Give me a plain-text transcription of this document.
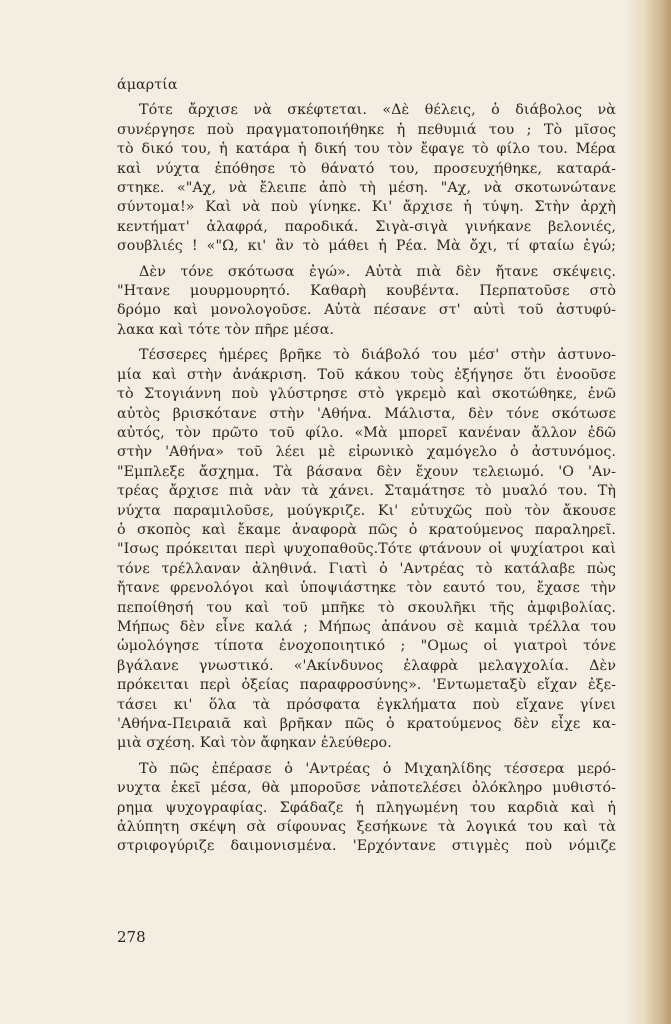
άμαρτία

Τότε ἄρχισε νὰ σκέφτεται. «Δὲ θέλεις, ὁ διάβολος νὰ
συνέργησε ποὺ πραγματοποιήθηκε ἡ πεθυμιά του ; Τὸ μῖσος
τὸ δικό του, ἡ κατάρα ἡ δική του τὸν ἔφαγε τὸ φίλο του. Μέρα
καὶ νύχτα ἐπόθησε τὸ θάνατό του, προσευχήθηκε, καταρά-
στηκε. «"Αχ, νὰ ἔλειπε ἀπὸ τὴ μέση. "Αχ, νὰ σκοτωνώτανε
σύντομα!» Καὶ νὰ ποὺ γίνηκε. Κι' ἄρχισε ἡ τύψη. Στὴν ἀρχὴ
κεντήματ' ἀλαφρά, παροδικά. Σιγὰ-σιγὰ γινήκανε βελονιές,
σουβλιές ! «"Ω, κι' ἂν τὸ μάθει ἡ Ρέα. Μὰ ὄχι, τί φταίω ἐγώ;

Δὲν τόνε σκότωσα ἐγώ». Αὐτὰ πιὰ δὲν ἤτανε σκέψεις.
"Ητανε μουρμουρητό. Καθαρὴ κουβέντα. Περπατοῦσε στὸ
δρόμο καὶ μονολογοῦσε. Αὐτὰ πέσανε στ' αὐτὶ τοῦ ἀστυφύ-
λακα καὶ τότε τὸν πῆρε μέσα.

Τέσσερες ἡμέρες βρῆκε τὸ διάβολό του μέσ' στὴν ἀστυνο-
μία καὶ στὴν ἀνάκριση. Τοῦ κάκου τοὺς ἐξήγησε ὅτι ἐνοοῦσε
τὸ Στογιάννη ποὺ γλύστρησε στὸ γκρεμὸ καὶ σκοτώθηκε, ἐνῶ
αὐτὸς βρισκότανε στὴν 'Αθήνα. Μάλιστα, δὲν τόνε σκότωσε
αὐτός, τὸν πρῶτο τοῦ φίλο. «Μὰ μπορεῖ κανέναν ἄλλον ἐδῶ
στὴν 'Αθήνα» τοῦ λέει μὲ εἰρωνικὸ χαμόγελο ὁ ἀστυνόμος.
"Εμπλεξε ἄσχημα. Τὰ βάσανα δὲν ἔχουν τελειωμό. 'Ο 'Αν-
τρέας ἄρχισε πιὰ νὰν τὰ χάνει. Σταμάτησε τὸ μυαλό του. Τὴ
νύχτα παραμιλοῦσε, μούγκριζε. Κι' εὐτυχῶς ποὺ τὸν ἄκουσε
ὁ σκοπὸς καὶ ἔκαμε ἀναφορὰ πῶς ὁ κρατούμενος παραληρεῖ.
"Ισως πρόκειται περὶ ψυχοπαθοῦς.Τότε φτάνουν οἱ ψυχίατροι καὶ
τόνε τρέλλαναν ἀληθινά. Γιατὶ ὁ 'Αντρέας τὸ κατάλαβε πὼς
ἤτανε φρενολόγοι καὶ ὑποψιάστηκε τὸν εαυτό του, ἔχασε τὴν
πεποίθησή του καὶ τοῦ μπῆκε τὸ σκουλῆκι τῆς ἀμφιβολίας.
Μήπως δὲν εἶνε καλά ; Μήπως ἀπάνου σὲ καμιὰ τρέλλα του
ὡμολόγησε τίποτα ἐνοχοποιητικό ; "Ομως οἱ γιατροὶ τόνε
βγάλανε γνωστικό. «'Ακίνδυνος ἐλαφρὰ μελαγχολία. Δὲν
πρόκειται περὶ ὀξείας παραφροσύνης». 'Εντωμεταξὺ εἴχαν ἐξε-
τάσει κι' ὅλα τὰ πρόσφατα ἐγκλήματα ποὺ εἴχανε γίνει
'Αθήνα-Πειραιᾶ καὶ βρῆκαν πῶς ὁ κρατούμενος δὲν εἶχε κα-
μιὰ σχέση. Καὶ τὸν ἄφηκαν ἐλεύθερο.

Τὸ πῶς ἐπέρασε ὁ 'Αντρέας ὁ Μιχαηλίδης τέσσερα μερό-
νυχτα ἐκεῖ μέσα, θὰ μποροῦσε νἀποτελέσει ὁλόκληρο μυθιστό-
ρημα ψυχογραφίας. Σφάδαζε ἡ πληγωμένη του καρδιὰ καὶ ἡ
ἀλύπητη σκέψη σὰ σίφουνας ξεσήκωνε τὰ λογικά του καὶ τὰ
στριφογύριζε δαιμονισμένα. 'Ερχόντανε στιγμὲς ποὺ νόμιζε

278
